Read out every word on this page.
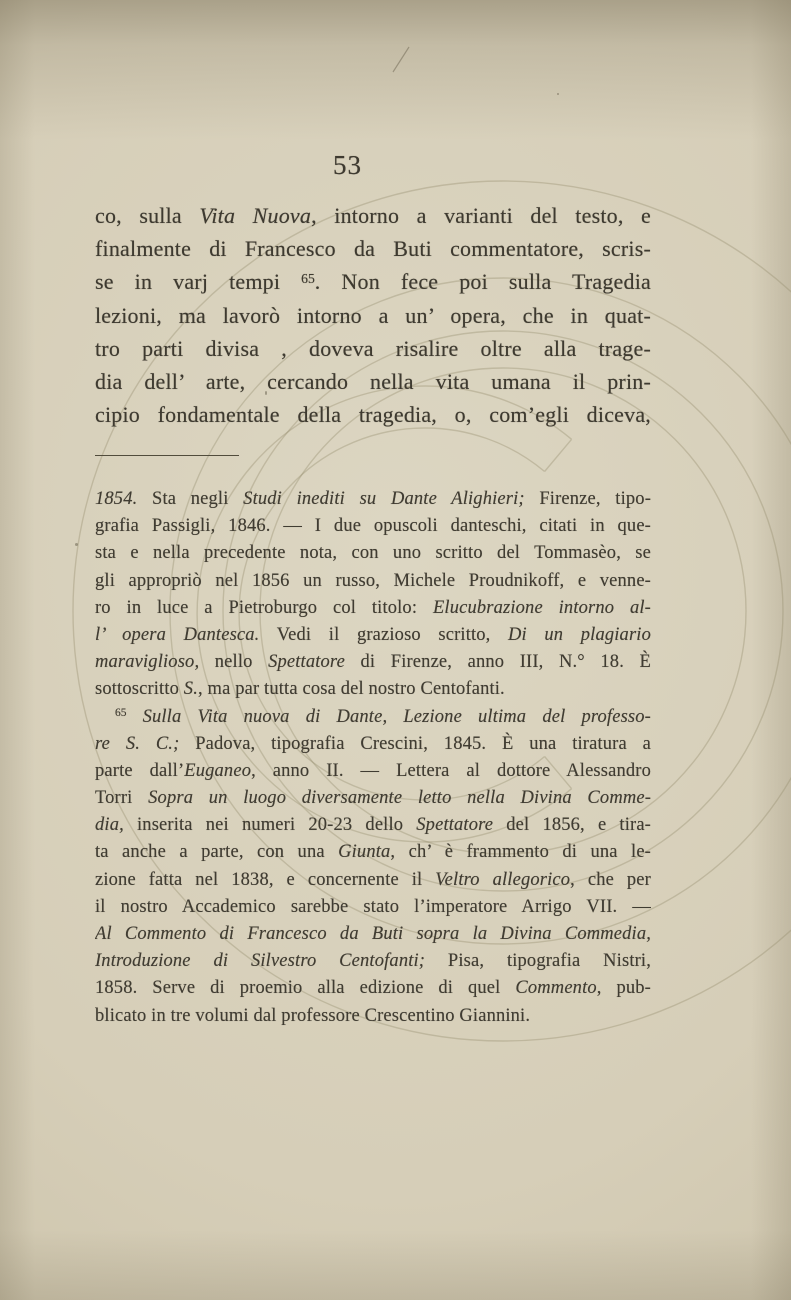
53
co, sulla Vita Nuova, intorno a varianti del testo, e
finalmente di Francesco da Buti commentatore, scris-
se in varj tempi $^{65}$. Non fece poi sulla Tragedia
lezioni, ma lavorò intorno a un’ opera, che in quat-
tro parti divisa , doveva risalire oltre alla trage-
dia dell’ arte, cercando nella vita umana il prin-
cipio fondamentale della tragedia, o, com’egli diceva,
1854. Sta negli Studi inediti su Dante Alighieri; Firenze, tipo-
grafia Passigli, 1846. — I due opuscoli danteschi, citati in que-
sta e nella precedente nota, con uno scritto del Tommasèo, se
gli appropriò nel 1856 un russo, Michele Proudnikoff, e venne-
ro in luce a Pietroburgo col titolo: Elucubrazione intorno al-
l’ opera Dantesca. Vedi il grazioso scritto, Di un plagiario
maraviglioso, nello Spettatore di Firenze, anno III, N.° 18. È
sottoscritto S., ma par tutta cosa del nostro Centofanti.
$^{65}$ Sulla Vita nuova di Dante, Lezione ultima del professo-
re S. C.; Padova, tipografia Crescini, 1845. È una tiratura a
parte dall’Euganeo, anno II. — Lettera al dottore Alessandro
Torri Sopra un luogo diversamente letto nella Divina Comme-
dia, inserita nei numeri 20-23 dello Spettatore del 1856, e tira-
ta anche a parte, con una Giunta, ch’ è frammento di una le-
zione fatta nel 1838, e concernente il Veltro allegorico, che per
il nostro Accademico sarebbe stato l’imperatore Arrigo VII. —
Al Commento di Francesco da Buti sopra la Divina Commedia,
Introduzione di Silvestro Centofanti; Pisa, tipografia Nistri,
1858. Serve di proemio alla edizione di quel Commento, pub-
blicato in tre volumi dal professore Crescentino Giannini.
